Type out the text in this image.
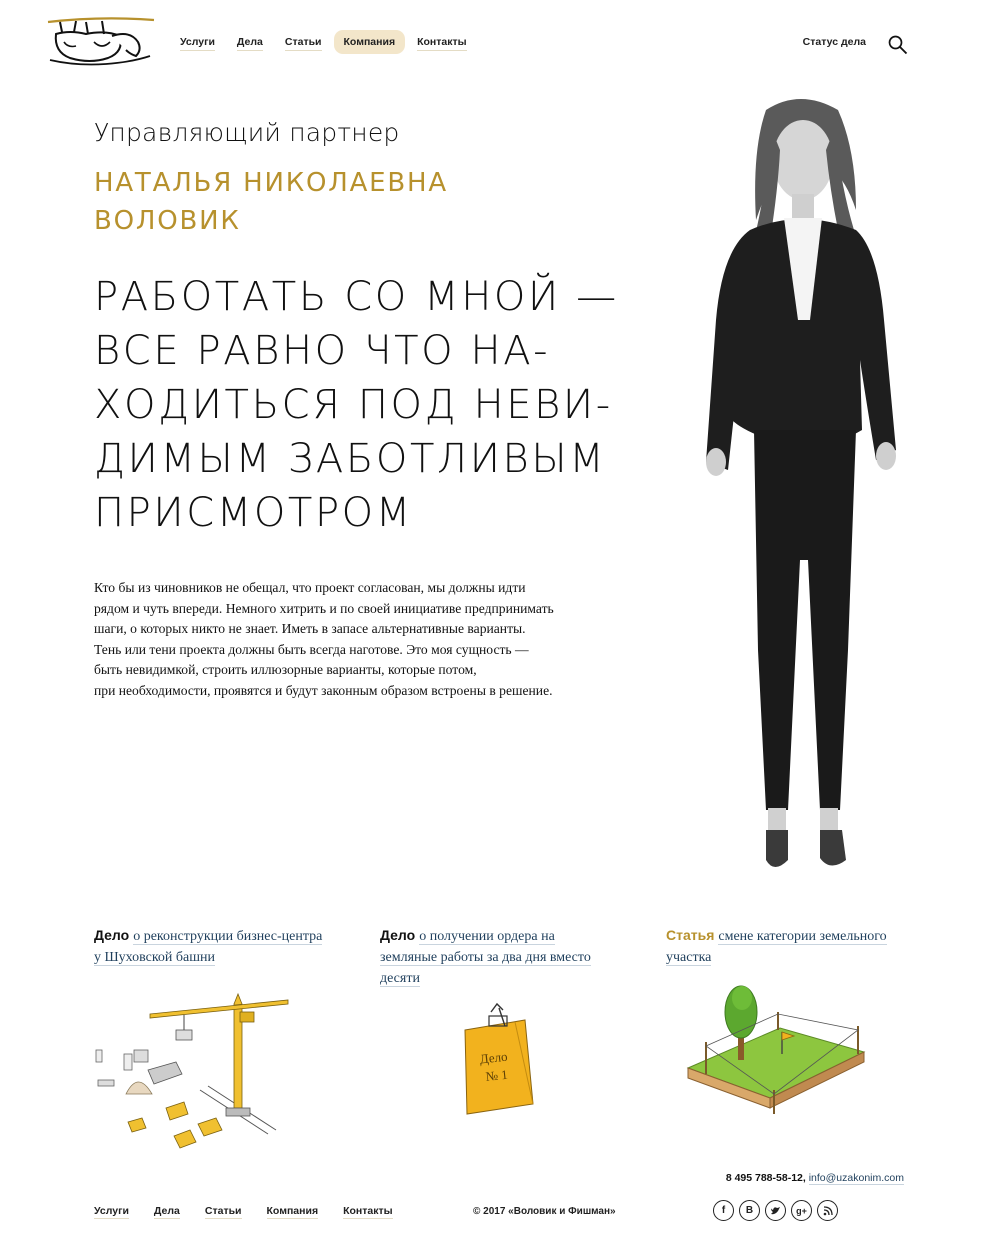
Услуги	Дела	Статьи	Компания	Контакты	Статус дела
Управляющий партнер
НАТАЛЬЯ НИКОЛАЕВНА ВОЛОВИК
РАБОТАТЬ СО МНОЙ — ВСЕ РАВНО ЧТО НА-
ХОДИТЬСЯ ПОД НЕВИ-
ДИМЫМ ЗАБОТЛИВЫМ ПРИСМОТРОМ
Кто бы из чиновников не обещал, что проект согласован, мы должны идти
рядом и чуть впереди. Немного хитрить и по своей инициативе предпринимать
шаги, о которых никто не знает. Иметь в запасе альтернативные варианты.
Тень или тени проекта должны быть всегда наготове. Это моя сущность —
быть невидимкой, строить иллюзорные варианты, которые потом,
при необходимости, проявятся и будут законным образом встроены в решение.
Дело о реконструкции бизнес-центра у Шуховской башни
Дело о получении ордера на земляные работы за два дня вместо десяти
Статья смене категории земельного участка
Дело № 1
8 495 788-58-12, info@uzakonim.com
Услуги Дела Статьи Компания Контакты	© 2017 «Воловик и Фишман»	f	B	g+
